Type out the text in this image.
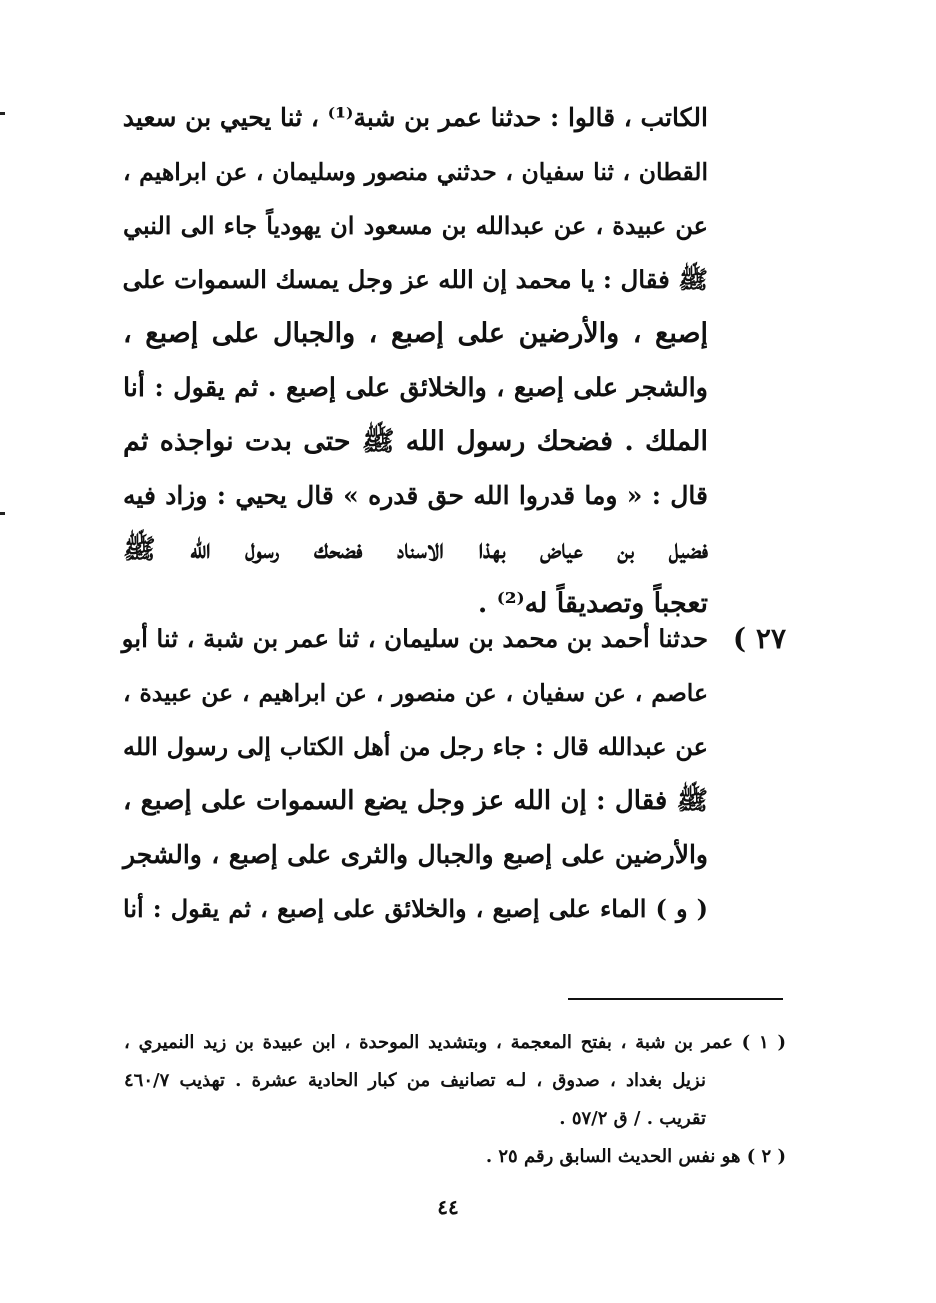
الكاتب ، قالوا : حدثنا عمر بن شبة⁽¹⁾ ، ثنا يحيي بن سعيد
القطان ، ثنا سفيان ، حدثني منصور وسليمان ، عن ابراهيم ،
عن عبيدة ، عن عبدالله بن مسعود ان يهودياً جاء الى النبي
ﷺ فقال : يا محمد إن الله عز وجل يمسك السموات على
إصبع ، والأرضين على إصبع ، والجبال على إصبع ،
والشجر على إصبع ، والخلائق على إصبع . ثم يقول : أنا
الملك . فضحك رسول الله ﷺ حتى بدت نواجذه ثم
قال : « وما قدروا الله حق قدره » قال يحيي : وزاد فيه
فضيل بن عياض بهذا الاسناد فضحك رسول الله ﷺ
تعجباً وتصديقاً له⁽²⁾ .
٢٧ )
حدثنا أحمد بن محمد بن سليمان ، ثنا عمر بن شبة ، ثنا أبو
عاصم ، عن سفيان ، عن منصور ، عن ابراهيم ، عن عبيدة ،
عن عبدالله قال : جاء رجل من أهل الكتاب إلى رسول الله
ﷺ فقال : إن الله عز وجل يضع السموات على إصبع ،
والأرضين على إصبع والجبال والثرى على إصبع ، والشجر
( و ) الماء على إصبع ، والخلائق على إصبع ، ثم يقول : أنا
( ١ ) عمر بن شبة ، بفتح المعجمة ، وبتشديد الموحدة ، ابن عبيدة بن زيد النميري ،
نزيل بغداد ، صدوق ، لـه تصانيف من كبار الحادية عشرة . تهذيب ٤٦٠/٧
تقريب . / ق ٥٧/٢ .
( ٢ ) هو نفس الحديث السابق رقم ٢٥ .
٤٤
